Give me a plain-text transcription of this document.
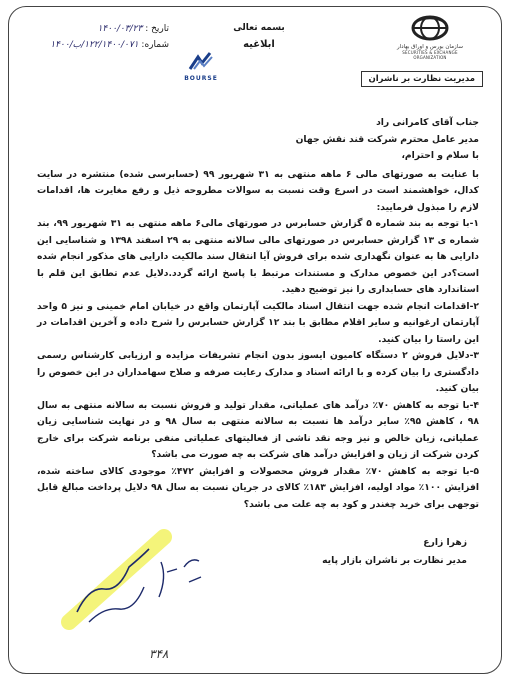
تاریخ : ۱۴۰۰/۰۳/۲۳
شماره: ۱۲۲/۱۴۰۰/۰۷۱/ب/۱۴۰۰
بسمه تعالی
ابلاغیه	سازمان بورس و اوراق بهادار
SECURITIES & EXCHANGE ORGANIZATION
BOURSE	مدیریت نظارت بر ناشران

جناب آقای کامرانی راد

مدیر عامل محترم شرکت قند نقش جهان

با سلام و احترام،

با عنایت به صورتهای مالی ۶ ماهه منتهی به ۳۱ شهریور ۹۹ (حسابرسی شده) منتشره در سایت کدال، خواهشمند است در اسرع وقت نسبت به سوالات مطروحه ذیل و رفع مغایرت ها، اقدامات لازم را مبذول فرمایید:

۱-با توجه به بند شماره ۵ گزارش حسابرس در صورتهای مالی۶ ماهه منتهی به ۳۱ شهریور ۹۹، بند شماره ی ۱۳ گزارش حسابرس در صورتهای مالی سالانه منتهی به ۲۹ اسفند ۱۳۹۸ و شناسایی این دارایی ها به عنوان نگهداری شده برای فروش آیا انتقال سند مالکیت دارایی های مذکور انجام شده است؟در این خصوص مدارک و مستندات مرتبط با پاسخ ارائه گردد.دلایل عدم تطابق این قلم با استاندارد های حسابداری را نیز توضیح دهید.

۲-اقدامات انجام شده جهت انتقال اسناد مالکیت آپارتمان واقع در خیابان امام خمینی و نیز ۵ واحد آپارتمان ارغوانیه و سایر اقلام مطابق با بند ۱۲ گزارش حسابرس را شرح داده و آخرین اقدامات در این راستا را بیان کنید.

۳-دلایل فروش ۲ دستگاه کامیون ایسوز بدون انجام تشریفات مزایده و ارزیابی کارشناس رسمی دادگستری را بیان کرده و با ارائه اسناد و مدارک رعایت صرفه و صلاح سهامداران در این خصوص را بیان کنید.

۴-با توجه به کاهش ۷۰٪ درآمد های عملیاتی، مقدار تولید و فروش نسبت به سالانه منتهی به سال ۹۸ ، کاهش ۹۵٪ سایر درآمد ها نسبت به سالانه منتهی به سال ۹۸ و در نهایت شناسایی زیان عملیاتی، زیان خالص و نیز وجه نقد ناشی از فعالیتهای عملیاتی منفی برنامه شرکت برای خارج کردن شرکت از زیان و افزایش درآمد های شرکت به چه صورت می باشد؟

۵-با توجه به کاهش ۷۰٪ مقدار فروش محصولات و افزایش ۴۷۲٪ موجودی کالای ساخته شده، افزایش ۱۰۰٪ مواد اولیه، افزایش ۱۸۳٪ کالای در جریان نسبت به سال ۹۸ دلایل پرداخت مبالغ قابل توجهی برای خرید چغندر و کود به چه علت می باشد؟

زهرا زارع
مدیر نظارت بر ناشران بازار پایه
۳۴۸
